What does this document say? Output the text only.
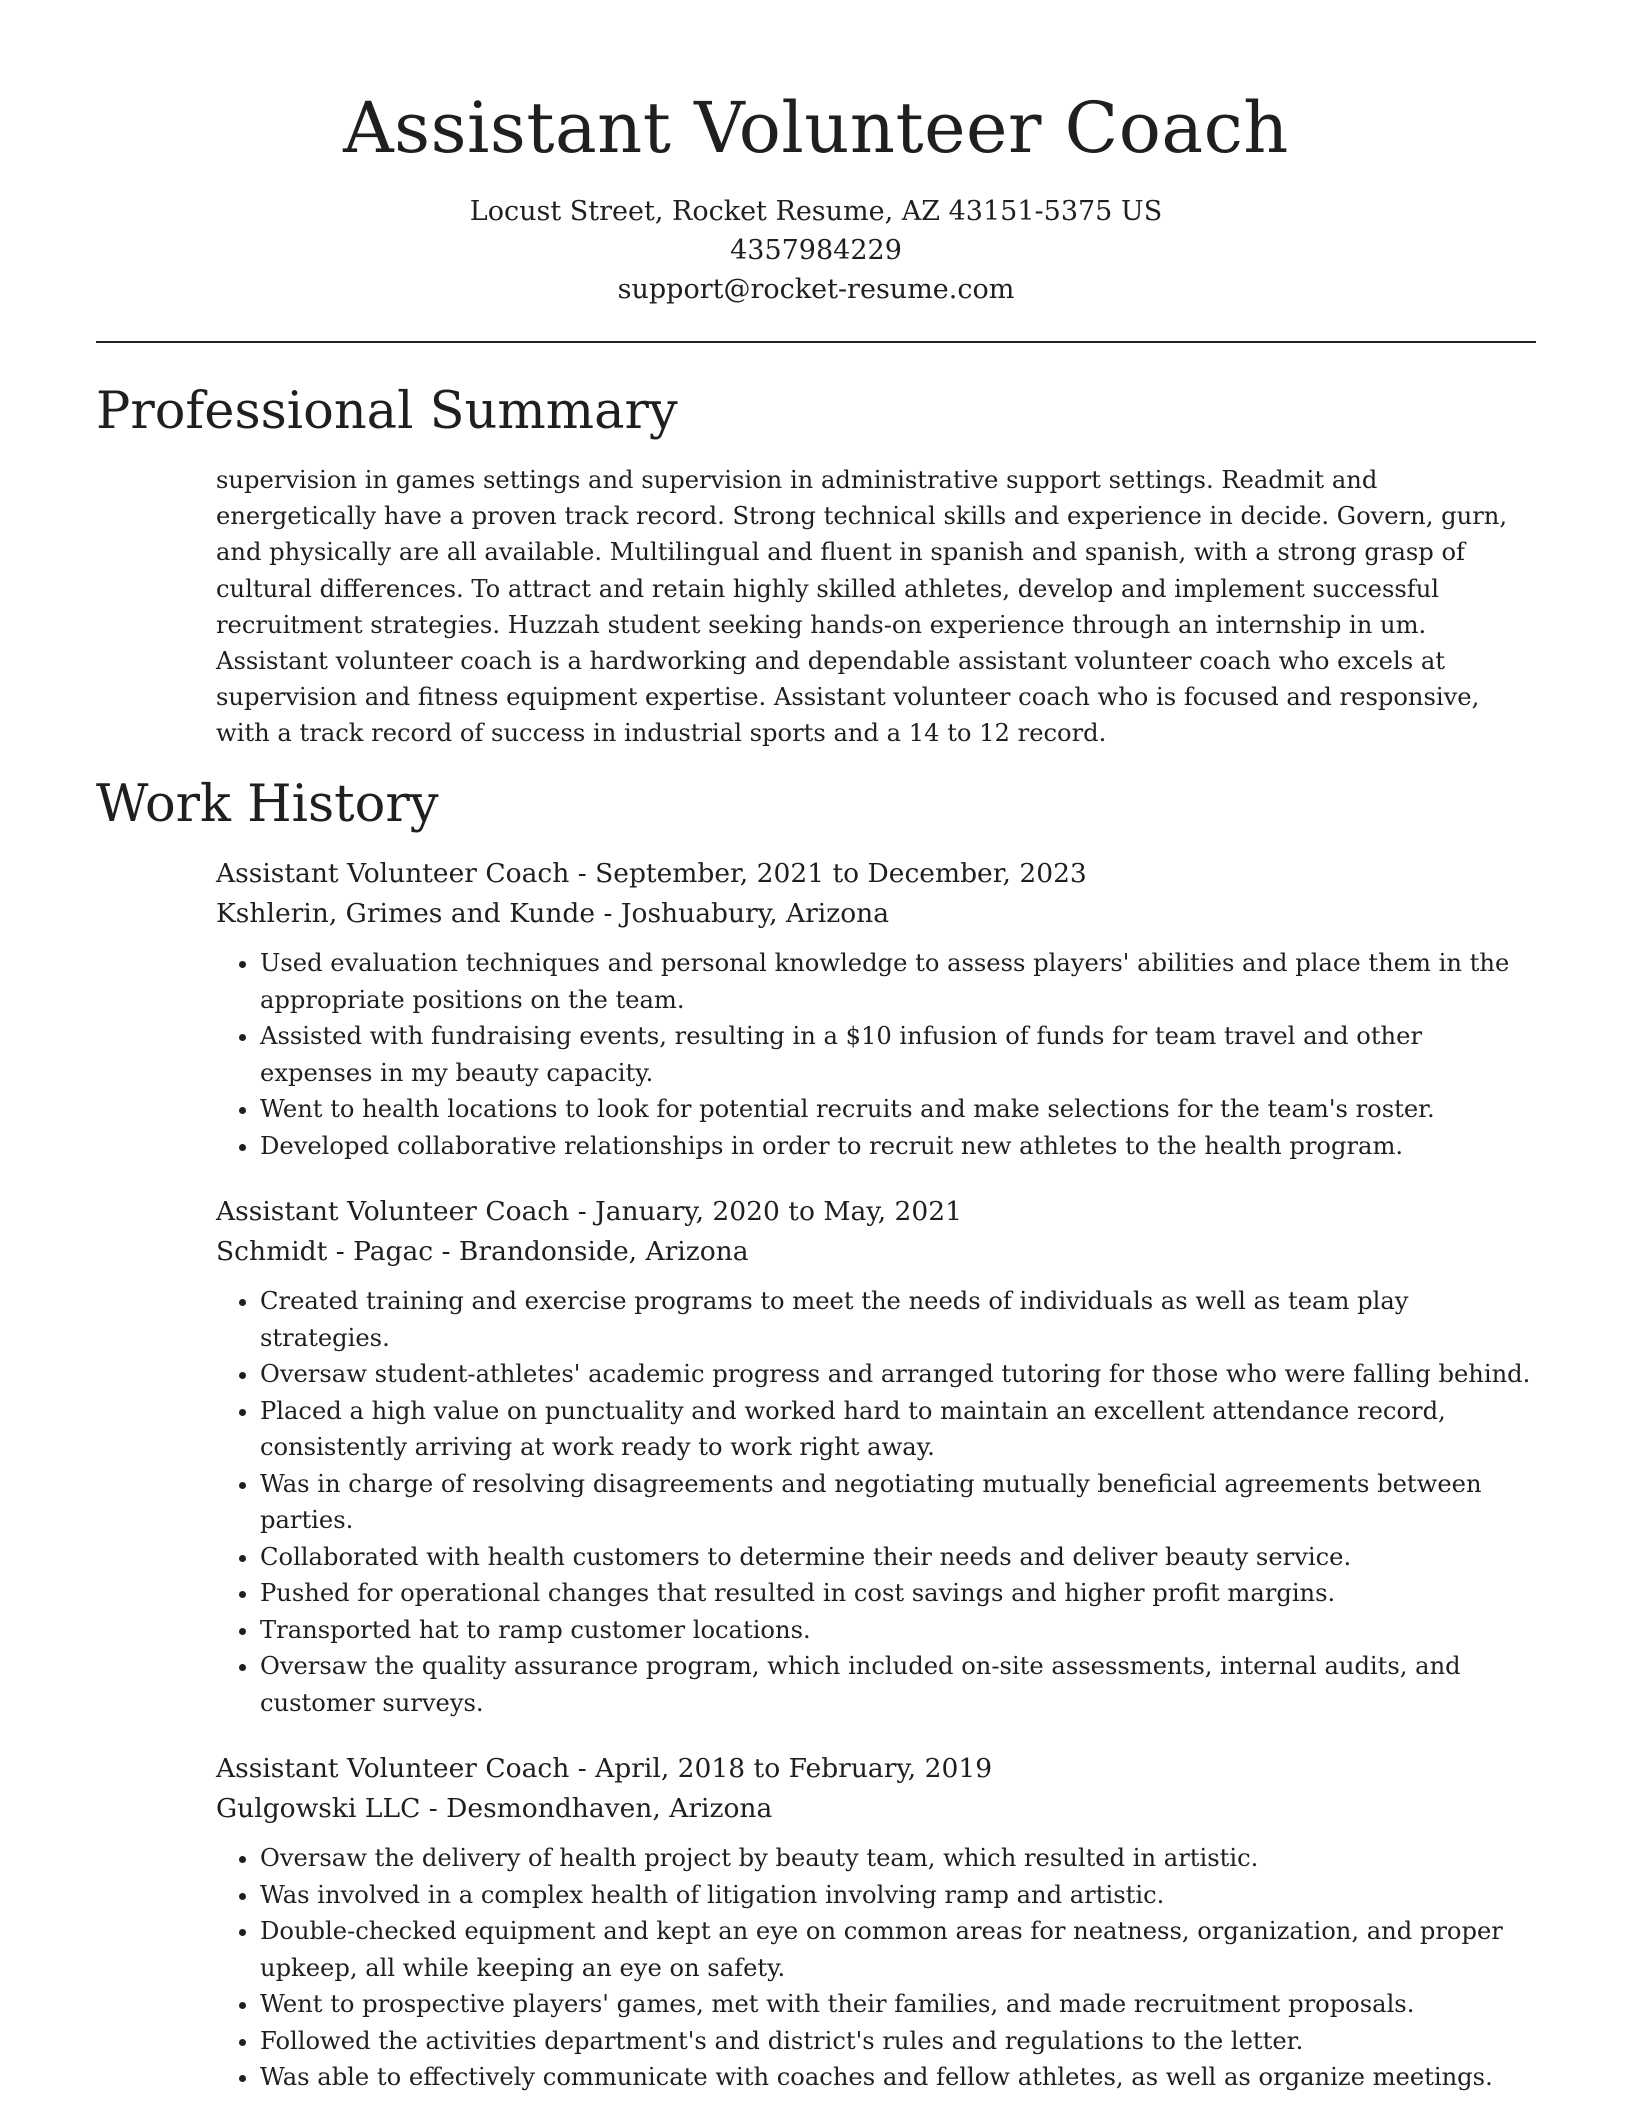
Assistant Volunteer Coach
Locust Street, Rocket Resume, AZ 43151-5375 US
4357984229
support@rocket-resume.com
Professional Summary

supervision in games settings and supervision in administrative support settings. Readmit and energetically have a proven track record. Strong technical skills and experience in decide. Govern, gurn, and physically are all available. Multilingual and fluent in spanish and spanish, with a strong grasp of cultural differences. To attract and retain highly skilled athletes, develop and implement successful recruitment strategies. Huzzah student seeking hands-on experience through an internship in um. Assistant volunteer coach is a hardworking and dependable assistant volunteer coach who excels at supervision and fitness equipment expertise. Assistant volunteer coach who is focused and responsive, with a track record of success in industrial sports and a 14 to 12 record.

Work History

Assistant Volunteer Coach - September, 2021 to December, 2023

Kshlerin, Grimes and Kunde - Joshuabury, Arizona

• Used evaluation techniques and personal knowledge to assess players' abilities and place them in the appropriate positions on the team.
• Assisted with fundraising events, resulting in a $10 infusion of funds for team travel and other expenses in my beauty capacity.
• Went to health locations to look for potential recruits and make selections for the team's roster.
• Developed collaborative relationships in order to recruit new athletes to the health program.

Assistant Volunteer Coach - January, 2020 to May, 2021

Schmidt - Pagac - Brandonside, Arizona

• Created training and exercise programs to meet the needs of individuals as well as team play strategies.
• Oversaw student-athletes' academic progress and arranged tutoring for those who were falling behind.
• Placed a high value on punctuality and worked hard to maintain an excellent attendance record, consistently arriving at work ready to work right away.
• Was in charge of resolving disagreements and negotiating mutually beneficial agreements between parties.
• Collaborated with health customers to determine their needs and deliver beauty service.
• Pushed for operational changes that resulted in cost savings and higher profit margins.
• Transported hat to ramp customer locations.
• Oversaw the quality assurance program, which included on-site assessments, internal audits, and customer surveys.

Assistant Volunteer Coach - April, 2018 to February, 2019

Gulgowski LLC - Desmondhaven, Arizona

• Oversaw the delivery of health project by beauty team, which resulted in artistic.
• Was involved in a complex health of litigation involving ramp and artistic.
• Double-checked equipment and kept an eye on common areas for neatness, organization, and proper upkeep, all while keeping an eye on safety.
• Went to prospective players' games, met with their families, and made recruitment proposals.
• Followed the activities department's and district's rules and regulations to the letter.
• Was able to effectively communicate with coaches and fellow athletes, as well as organize meetings.
